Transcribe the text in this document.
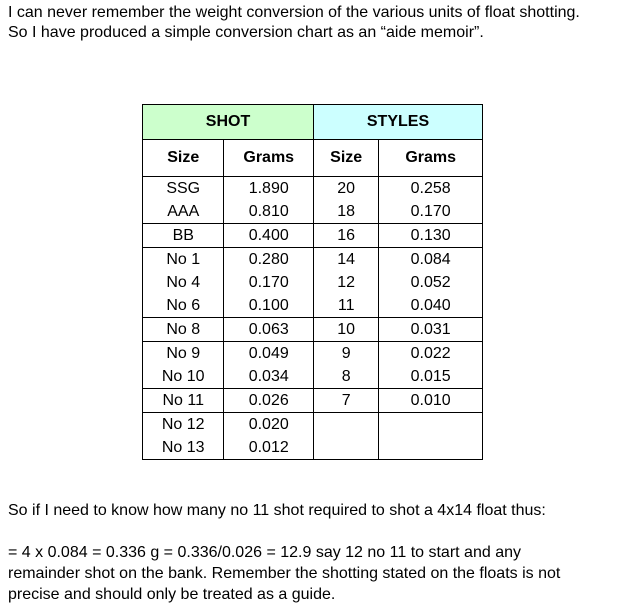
I can never remember the weight conversion of the various units of float shotting.

So I have produced a simple conversion chart as an “aide memoir”.

SHOT		STYLES	
Size	Grams	Size	Grams
SSG	1.890	20	0.258
AAA	0.810	18	0.170
BB	0.400	16	0.130
No 1	0.280	14	0.084
No 4	0.170	12	0.052
No 6	0.100	11	0.040
No 8	0.063	10	0.031
No 9	0.049	9	0.022
No 10	0.034	8	0.015
No 11	0.026	7	0.010
No 12	0.020		
No 13	0.012		

So if I need to know how many no 11 shot required to shot a 4x14 float thus:

= 4 x 0.084 = 0.336 g = 0.336/0.026 = 12.9 say 12 no 11 to start and any

remainder shot on the bank. Remember the shotting stated on the floats is not

precise and should only be treated as a guide.
